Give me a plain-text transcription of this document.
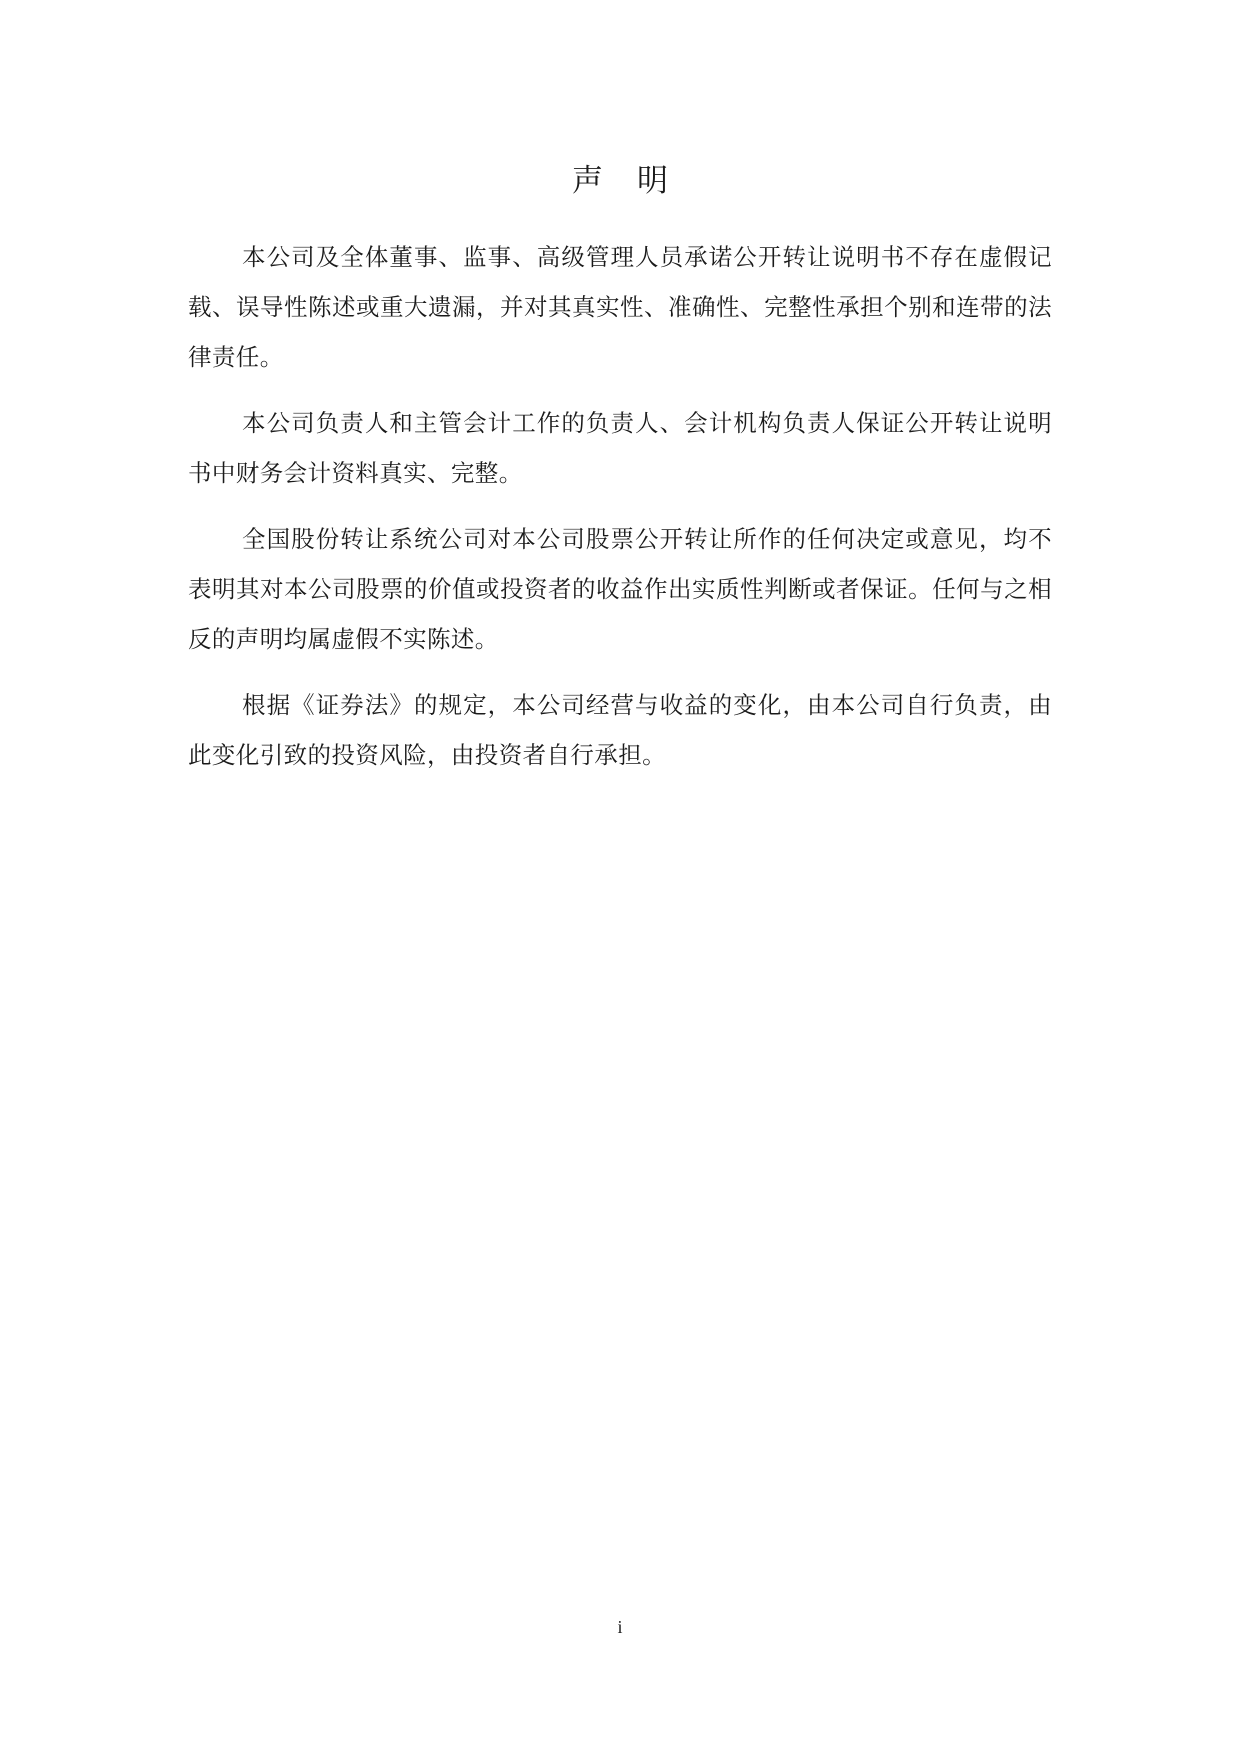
声 明

本公司及全体董事、监事、高级管理人员承诺公开转让说明书不存在虚假记载、误导性陈述或重大遗漏，并对其真实性、准确性、完整性承担个别和连带的法律责任。

本公司负责人和主管会计工作的负责人、会计机构负责人保证公开转让说明书中财务会计资料真实、完整。

全国股份转让系统公司对本公司股票公开转让所作的任何决定或意见，均不表明其对本公司股票的价值或投资者的收益作出实质性判断或者保证。任何与之相反的声明均属虚假不实陈述。

根据《证券法》的规定，本公司经营与收益的变化，由本公司自行负责，由此变化引致的投资风险，由投资者自行承担。

i
